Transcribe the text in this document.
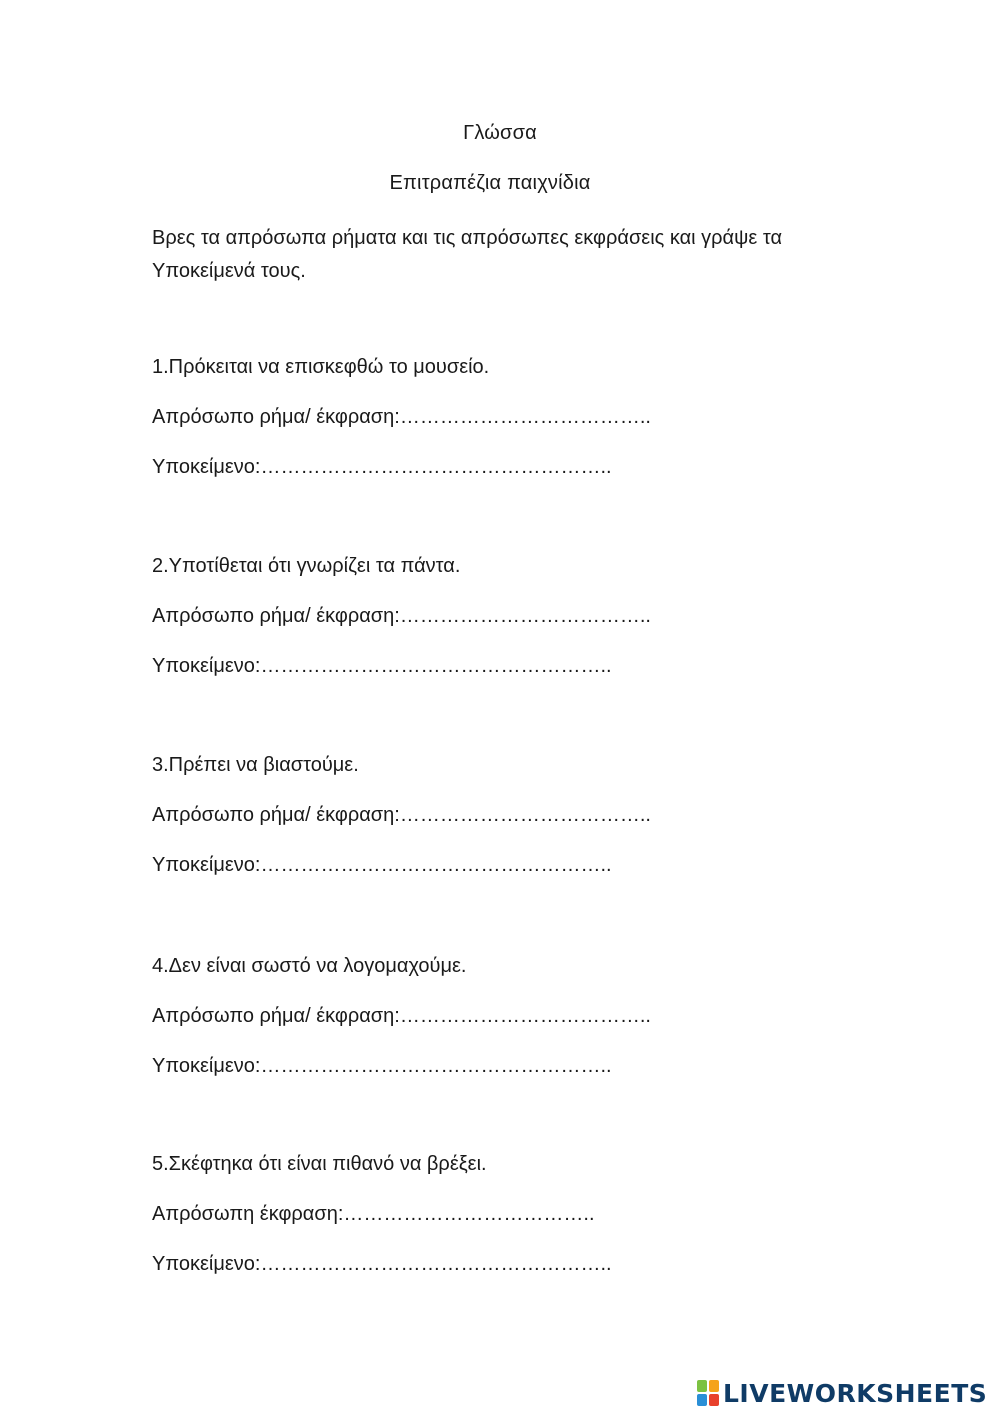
Γλώσσα
Επιτραπέζια παιχνίδια
Βρες τα απρόσωπα ρήματα και τις απρόσωπες εκφράσεις και γράψε τα Υποκείμενά τους.
1.Πρόκειται να επισκεφθώ το μουσείο.
Απρόσωπο ρήμα/ έκφραση:………………………………..
Υποκείμενο:……………………………………………..
2.Υποτίθεται ότι γνωρίζει τα πάντα.
Απρόσωπο ρήμα/ έκφραση:………………………………..
Υποκείμενο:……………………………………………..
3.Πρέπει να βιαστούμε.
Απρόσωπο ρήμα/ έκφραση:………………………………..
Υποκείμενο:……………………………………………..
4.Δεν είναι σωστό να λογομαχούμε.
Απρόσωπο ρήμα/ έκφραση:………………………………..
Υποκείμενο:……………………………………………..
5.Σκέφτηκα ότι είναι πιθανό να βρέξει.
Απρόσωπη έκφραση:………………………………..
Υποκείμενο:……………………………………………..
LIVEWORKSHEETS
